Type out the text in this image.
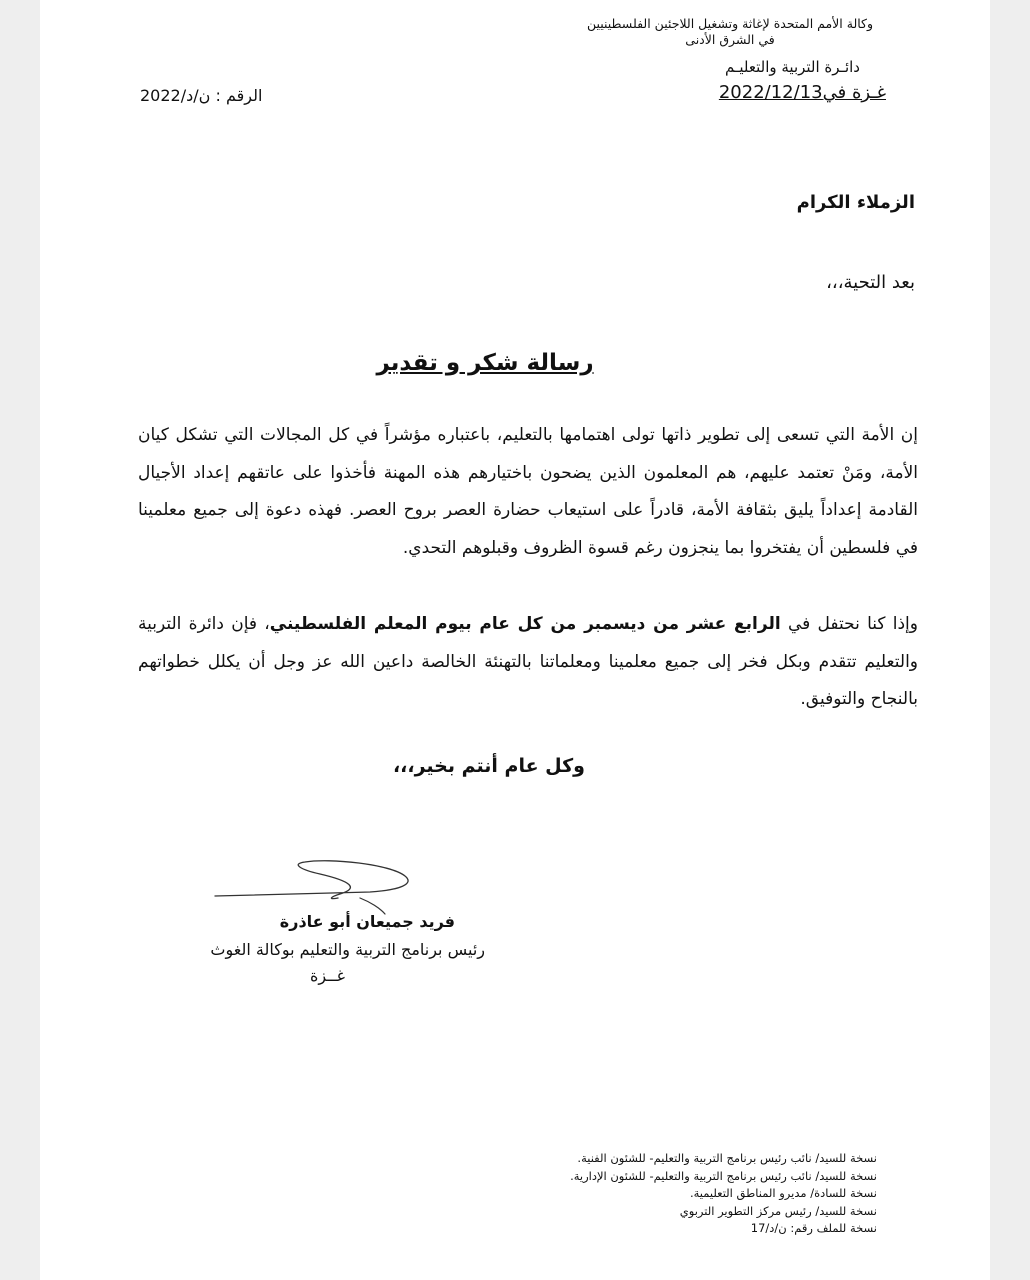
وكالة الأمم المتحدة لإغاثة وتشغيل اللاجئين الفلسطينيين
في الشرق الأدنى
دائـرة التربية والتعليـم
غـزة في2022/12/13
الرقم : ن/د/2022
الزملاء الكرام
بعد التحية،،،
رسالة شكر و تقدير
إن الأمة التي تسعى إلى تطوير ذاتها تولى اهتمامها بالتعليم، باعتباره مؤشراً في كل المجالات التي تشكل كيان الأمة، ومَنْ تعتمد عليهم، هم المعلمون الذين يضحون باختيارهم هذه المهنة فأخذوا على عاتقهم إعداد الأجيال القادمة إعداداً يليق بثقافة الأمة، قادراً على استيعاب حضارة العصر بروح العصر. فهذه دعوة إلى جميع معلمينا في فلسطين أن يفتخروا بما ينجزون رغم قسوة الظروف وقبلوهم التحدي.
وإذا كنا نحتفل في الرابع عشر من ديسمبر من كل عام بيوم المعلم الفلسطيني، فإن دائرة التربية والتعليم تتقدم وبكل فخر إلى جميع معلمينا ومعلماتنا بالتهنئة الخالصة داعين الله عز وجل أن يكلل خطواتهم بالنجاح والتوفيق.
وكل عام أنتم بخير،،،
فريد جميعان أبو عاذرة
رئيس برنامج التربية والتعليم بوكالة الغوث
غــزة
نسخة للسيد/ نائب رئيس برنامج التربية والتعليم- للشئون الفنية.
نسخة للسيد/ نائب رئيس برنامج التربية والتعليم- للشئون الإدارية.
نسخة للسادة/ مديرو المناطق التعليمية.
نسخة للسيد/ رئيس مركز التطوير التربوي
نسخة للملف رقم: ن/د/17
